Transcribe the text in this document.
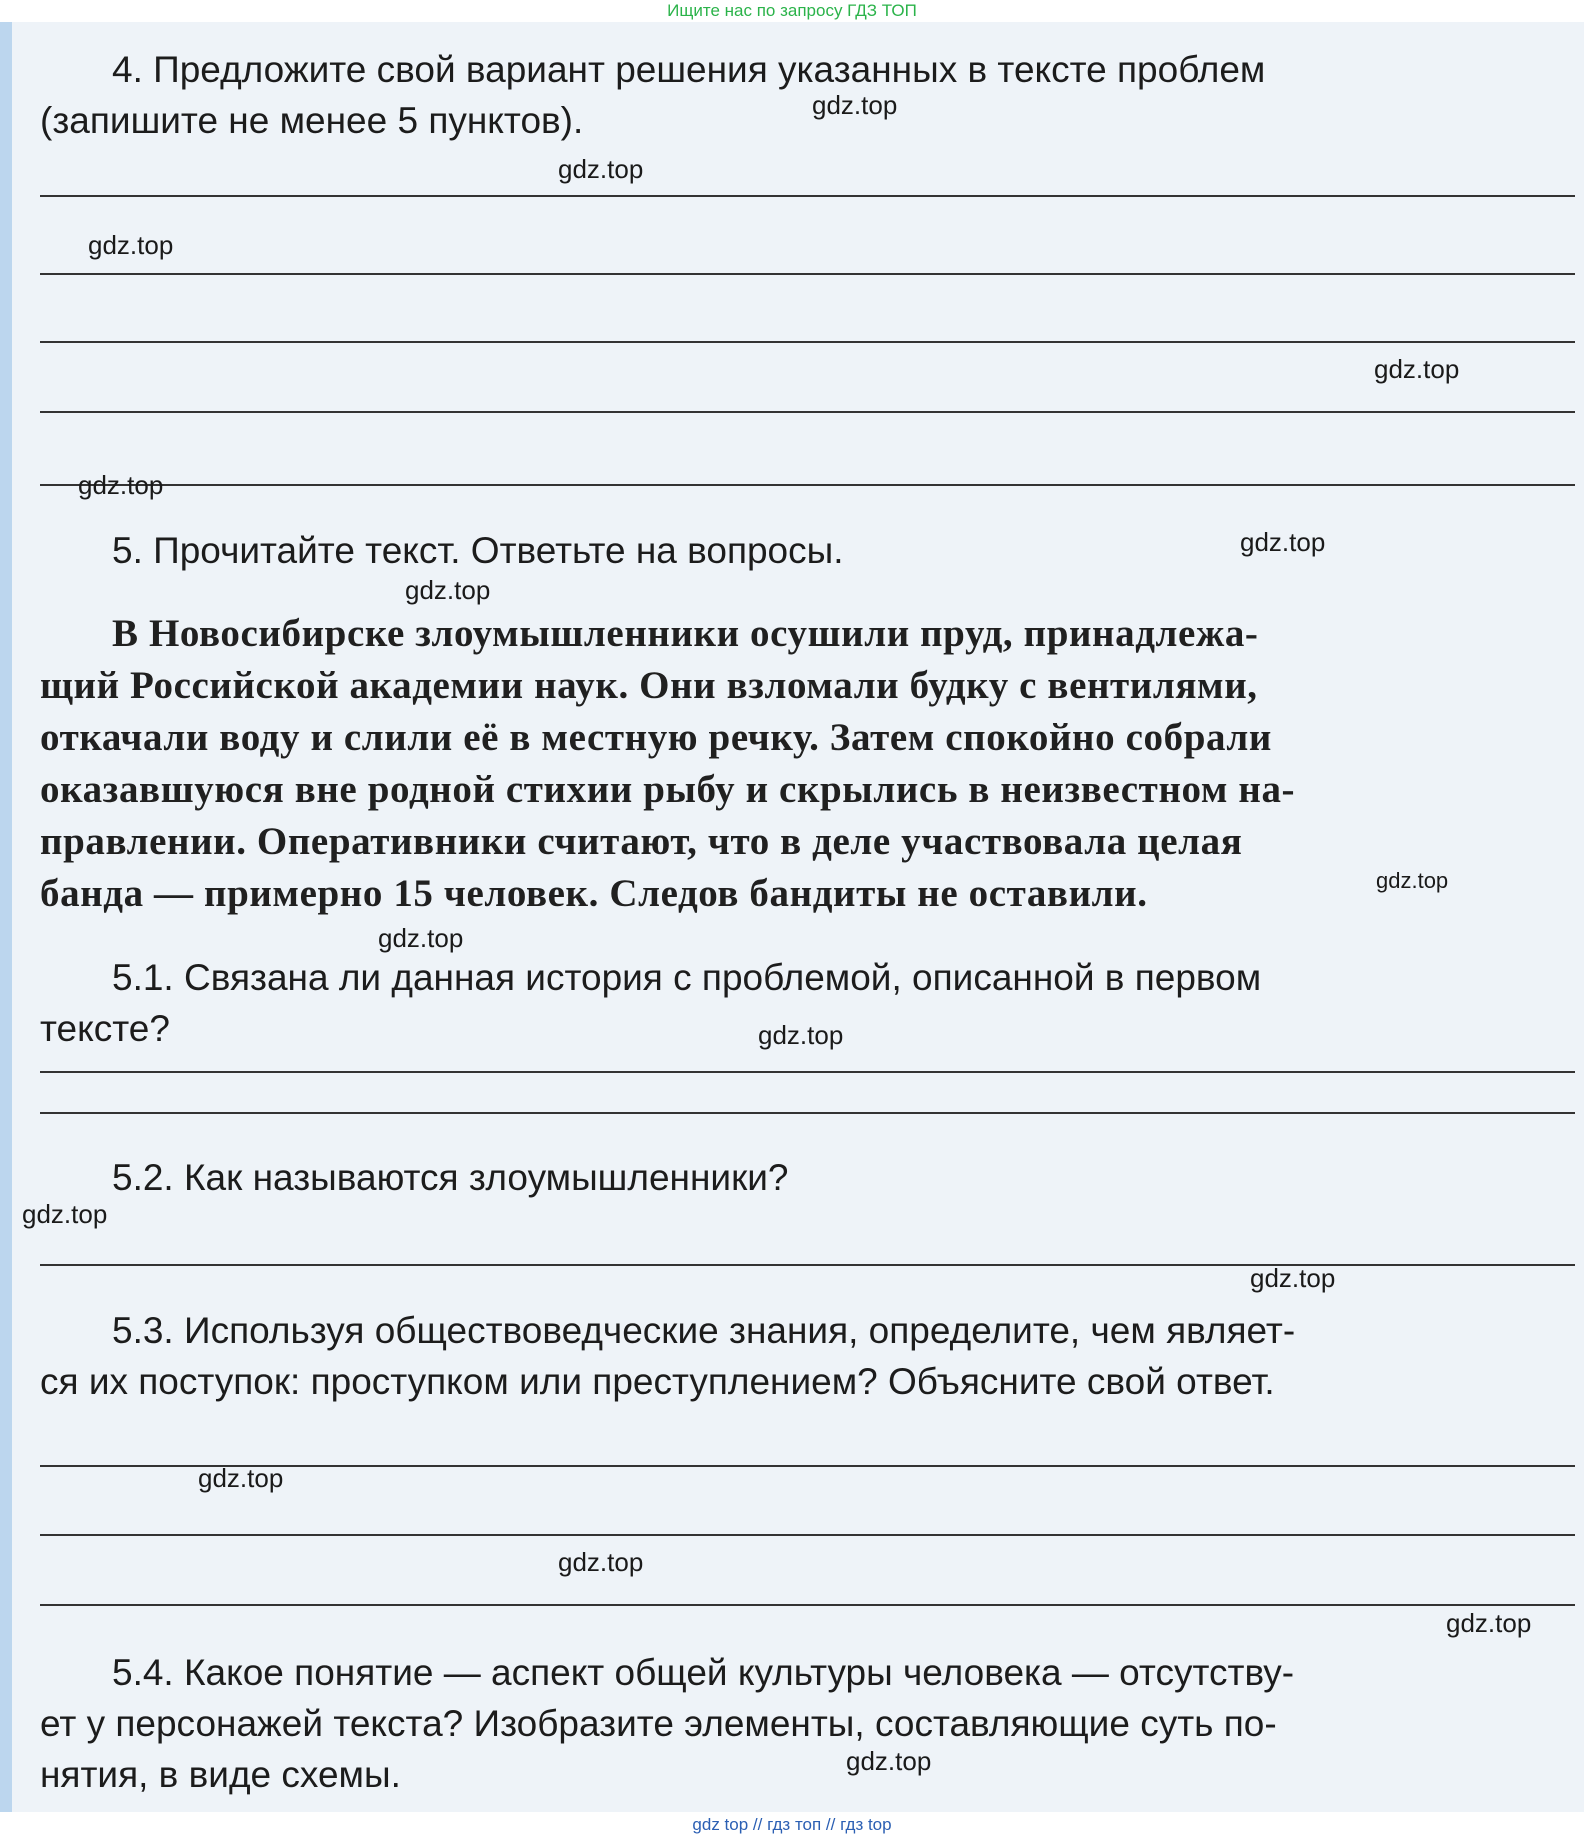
Ищите нас по запросу ГДЗ ТОП
4. Предложите свой вариант решения указанных в тексте проблем
(запишите не менее 5 пунктов).
5. Прочитайте текст. Ответьте на вопросы.
В Новосибирске злоумышленники осушили пруд, принадлежа-
щий Российской академии наук. Они взломали будку с вентилями,
откачали воду и слили её в местную речку. Затем спокойно собрали
оказавшуюся вне родной стихии рыбу и скрылись в неизвестном на-
правлении. Оперативники считают, что в деле участвовала целая
банда — примерно 15 человек. Следов бандиты не оставили.
5.1. Связана ли данная история с проблемой, описанной в первом
тексте?
5.2. Как называются злоумышленники?
5.3. Используя обществоведческие знания, определите, чем являет-
ся их поступок: проступком или преступлением? Объясните свой ответ.
5.4. Какое понятие — аспект общей культуры человека — отсутству-
ет у персонажей текста? Изобразите элементы, составляющие суть по-
нятия, в виде схемы.
gdz.top
gdz.top
gdz.top
gdz.top
gdz.top
gdz.top
gdz.top
gdz.top
gdz.top
gdz.top
gdz.top
gdz.top
gdz.top
gdz.top
gdz.top
gdz.top
gdz top // гдз топ // гдз top
